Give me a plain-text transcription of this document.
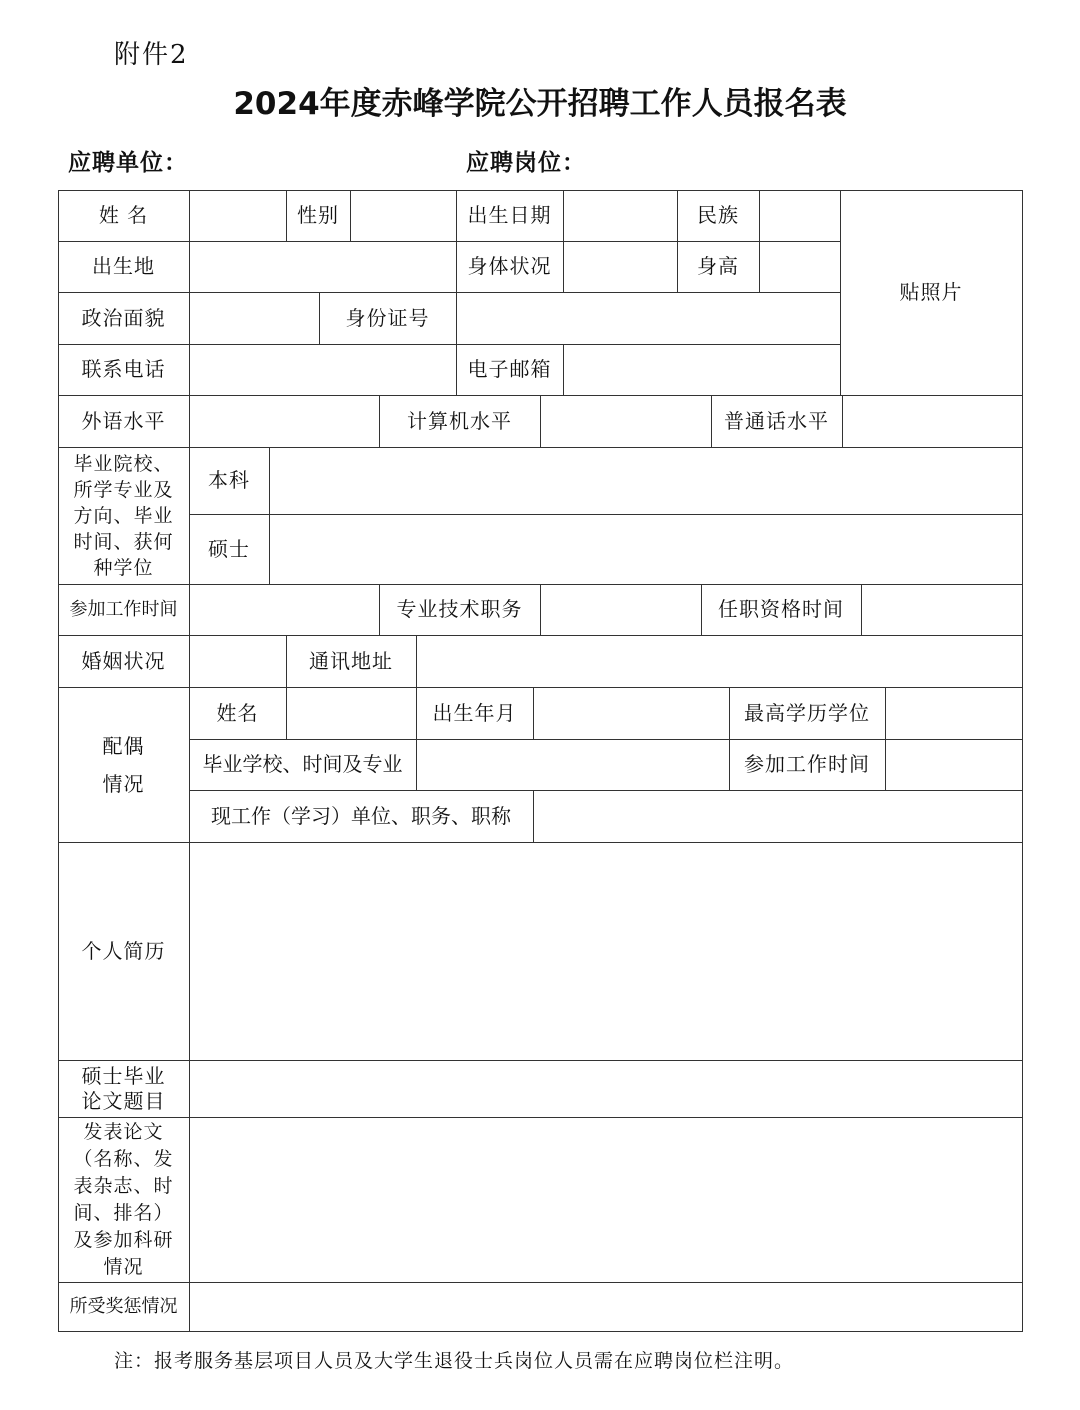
附件2
2024年度赤峰学院公开招聘工作人员报名表
应聘单位：	应聘岗位：
姓 名	性别	出生日期	民族
贴照片
出生地	身体状况	身高
政治面貌	身份证号
联系电话	电子邮箱
外语水平	计算机水平	普通话水平
毕业院校、
所学专业及
方向、毕业
时间、获何
种学位
本科
硕士
参加工作时间	专业技术职务	任职资格时间
婚姻状况	通讯地址
配偶
情况
姓名	出生年月	最高学历学位
毕业学校、时间及专业	参加工作时间
现工作（学习）单位、职务、职称
个人简历
硕士毕业
论文题目
发表论文
（名称、发
表杂志、时
间、排名）
及参加科研
情况
所受奖惩情况
注：报考服务基层项目人员及大学生退役士兵岗位人员需在应聘岗位栏注明。
